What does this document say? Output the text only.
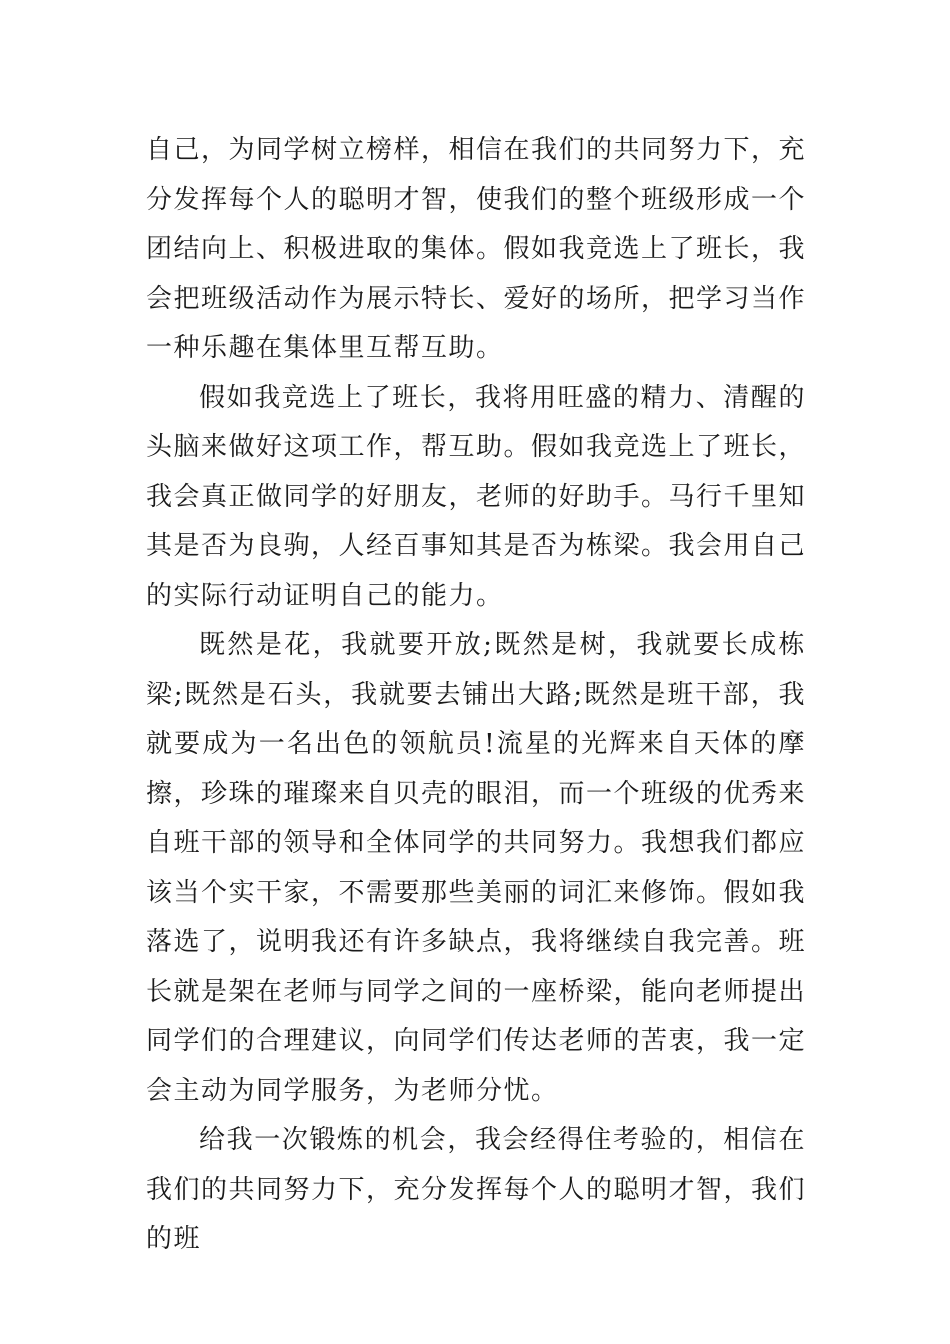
自己，为同学树立榜样，相信在我们的共同努力下，充分发挥每个人的聪明才智，使我们的整个班级形成一个团结向上、积极进取的集体。假如我竞选上了班长，我会把班级活动作为展示特长、爱好的场所，把学习当作一种乐趣在集体里互帮互助。

假如我竞选上了班长，我将用旺盛的精力、清醒的头脑来做好这项工作，帮互助。假如我竞选上了班长，我会真正做同学的好朋友，老师的好助手。马行千里知其是否为良驹，人经百事知其是否为栋梁。我会用自己的实际行动证明自己的能力。

既然是花，我就要开放;既然是树，我就要长成栋梁;既然是石头，我就要去铺出大路;既然是班干部，我就要成为一名出色的领航员!流星的光辉来自天体的摩擦，珍珠的璀璨来自贝壳的眼泪，而一个班级的优秀来自班干部的领导和全体同学的共同努力。我想我们都应该当个实干家，不需要那些美丽的词汇来修饰。假如我落选了，说明我还有许多缺点，我将继续自我完善。班长就是架在老师与同学之间的一座桥梁，能向老师提出同学们的合理建议，向同学们传达老师的苦衷，我一定会主动为同学服务，为老师分忧。

给我一次锻炼的机会，我会经得住考验的，相信在我们的共同努力下，充分发挥每个人的聪明才智，我们的班
